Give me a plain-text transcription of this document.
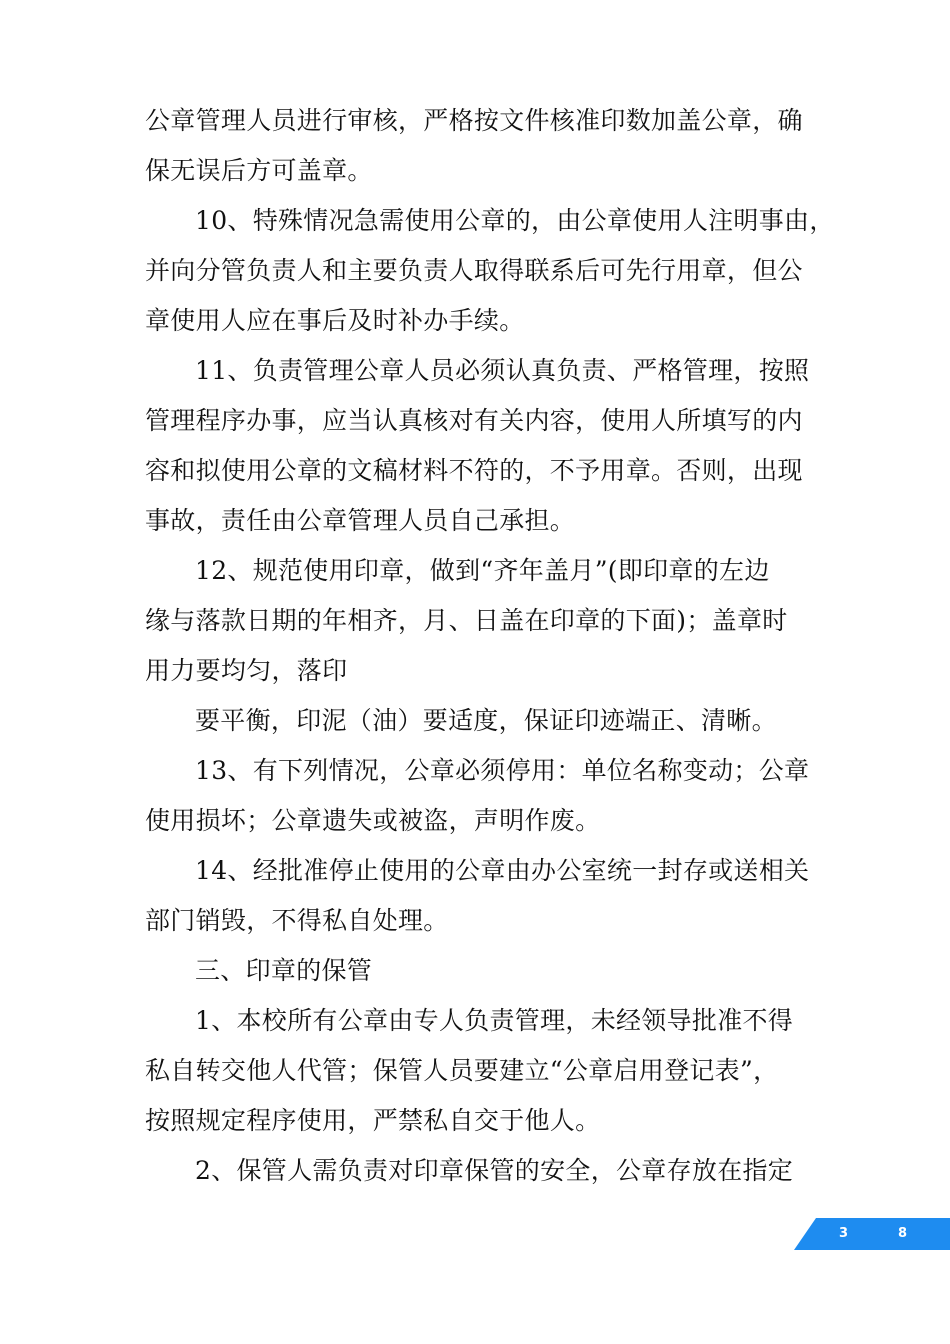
公章管理人员进行审核，严格按文件核准印数加盖公章，确
保无误后方可盖章。
10、特殊情况急需使用公章的，由公章使用人注明事由，
并向分管负责人和主要负责人取得联系后可先行用章，但公
章使用人应在事后及时补办手续。
11、负责管理公章人员必须认真负责、严格管理，按照
管理程序办事，应当认真核对有关内容，使用人所填写的内
容和拟使用公章的文稿材料不符的，不予用章。否则，出现
事故，责任由公章管理人员自己承担。
12、规范使用印章，做到“齐年盖月”(即印章的左边
缘与落款日期的年相齐，月、日盖在印章的下面)；盖章时
用力要均匀，落印
要平衡，印泥（油）要适度，保证印迹端正、清晰。
13、有下列情况，公章必须停用：单位名称变动；公章
使用损坏；公章遗失或被盗，声明作废。
14、经批准停止使用的公章由办公室统一封存或送相关
部门销毁，不得私自处理。
三、印章的保管
1、本校所有公章由专人负责管理，未经领导批准不得
私自转交他人代管；保管人员要建立“公章启用登记表”，
按照规定程序使用，严禁私自交于他人。
2、保管人需负责对印章保管的安全，公章存放在指定
3	8
